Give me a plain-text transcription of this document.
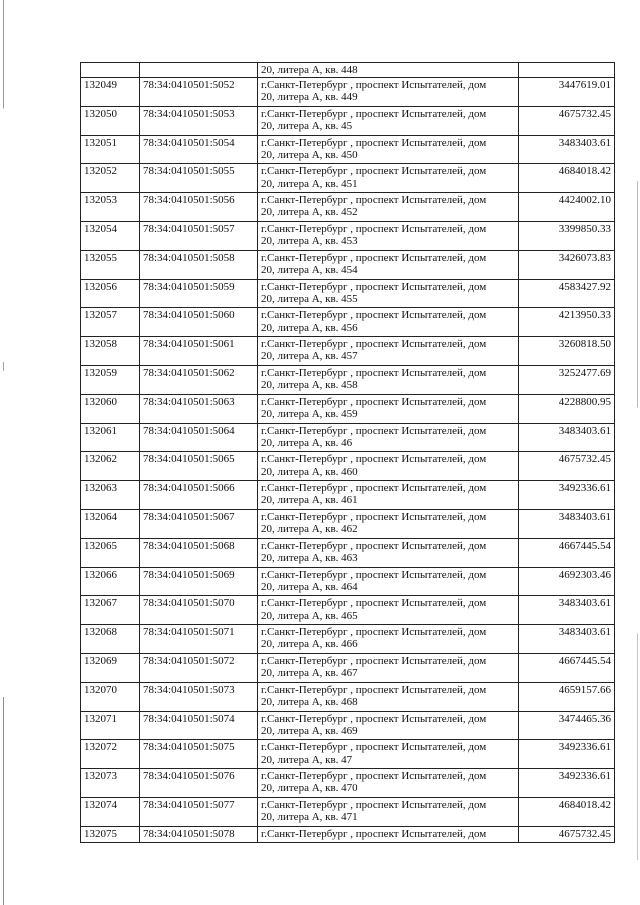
		20, литера А, кв. 448	

132049	78:34:0410501:5052	г.Санкт-Петербург , проспект Испытателей, дом
20, литера А, кв. 449	3447619.01
132050	78:34:0410501:5053	г.Санкт-Петербург , проспект Испытателей, дом
20, литера А, кв. 45	4675732.45
132051	78:34:0410501:5054	г.Санкт-Петербург , проспект Испытателей, дом
20, литера А, кв. 450	3483403.61
132052	78:34:0410501:5055	г.Санкт-Петербург , проспект Испытателей, дом
20, литера А, кв. 451	4684018.42
132053	78:34:0410501:5056	г.Санкт-Петербург , проспект Испытателей, дом
20, литера А, кв. 452	4424002.10
132054	78:34:0410501:5057	г.Санкт-Петербург , проспект Испытателей, дом
20, литера А, кв. 453	3399850.33
132055	78:34:0410501:5058	г.Санкт-Петербург , проспект Испытателей, дом
20, литера А, кв. 454	3426073.83
132056	78:34:0410501:5059	г.Санкт-Петербург , проспект Испытателей, дом
20, литера А, кв. 455	4583427.92
132057	78:34:0410501:5060	г.Санкт-Петербург , проспект Испытателей, дом
20, литера А, кв. 456	4213950.33
132058	78:34:0410501:5061	г.Санкт-Петербург , проспект Испытателей, дом
20, литера А, кв. 457	3260818.50
132059	78:34:0410501:5062	г.Санкт-Петербург , проспект Испытателей, дом
20, литера А, кв. 458	3252477.69
132060	78:34:0410501:5063	г.Санкт-Петербург , проспект Испытателей, дом
20, литера А, кв. 459	4228800.95
132061	78:34:0410501:5064	г.Санкт-Петербург , проспект Испытателей, дом
20, литера А, кв. 46	3483403.61
132062	78:34:0410501:5065	г.Санкт-Петербург , проспект Испытателей, дом
20, литера А, кв. 460	4675732.45
132063	78:34:0410501:5066	г.Санкт-Петербург , проспект Испытателей, дом
20, литера А, кв. 461	3492336.61
132064	78:34:0410501:5067	г.Санкт-Петербург , проспект Испытателей, дом
20, литера А, кв. 462	3483403.61
132065	78:34:0410501:5068	г.Санкт-Петербург , проспект Испытателей, дом
20, литера А, кв. 463	4667445.54
132066	78:34:0410501:5069	г.Санкт-Петербург , проспект Испытателей, дом
20, литера А, кв. 464	4692303.46
132067	78:34:0410501:5070	г.Санкт-Петербург , проспект Испытателей, дом
20, литера А, кв. 465	3483403.61
132068	78:34:0410501:5071	г.Санкт-Петербург , проспект Испытателей, дом
20, литера А, кв. 466	3483403.61
132069	78:34:0410501:5072	г.Санкт-Петербург , проспект Испытателей, дом
20, литера А, кв. 467	4667445.54
132070	78:34:0410501:5073	г.Санкт-Петербург , проспект Испытателей, дом
20, литера А, кв. 468	4659157.66
132071	78:34:0410501:5074	г.Санкт-Петербург , проспект Испытателей, дом
20, литера А, кв. 469	3474465.36
132072	78:34:0410501:5075	г.Санкт-Петербург , проспект Испытателей, дом
20, литера А, кв. 47	3492336.61
132073	78:34:0410501:5076	г.Санкт-Петербург , проспект Испытателей, дом
20, литера А, кв. 470	3492336.61
132074	78:34:0410501:5077	г.Санкт-Петербург , проспект Испытателей, дом
20, литера А, кв. 471	4684018.42
132075	78:34:0410501:5078	г.Санкт-Петербург , проспект Испытателей, дом	4675732.45
